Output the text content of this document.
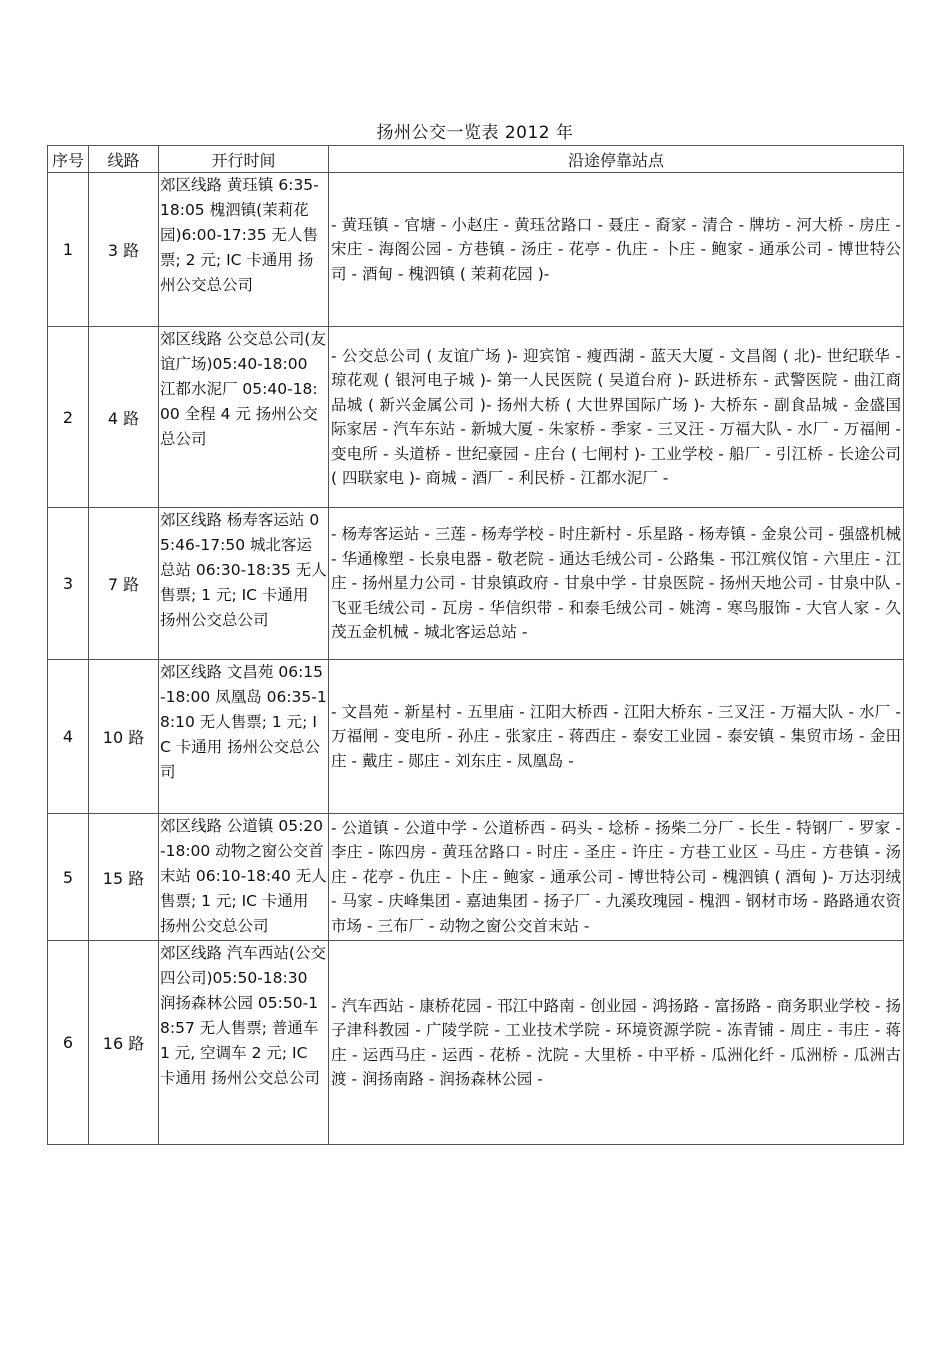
扬州公交一览表 2012 年
序号	线路	开行时间	沿途停靠站点
1	3 路	郊区线路 黄珏镇 6:35-18:05 槐泗镇(茉莉花园)6:00-17:35 无人售票; 2 元; IC 卡通用 扬州公交总公司	- 黄珏镇 - 官塘 - 小赵庄 - 黄珏岔路口 - 聂庄 - 裔家 - 清合 - 牌坊 - 河大桥 - 房庄 - 宋庄 - 海阁公园 - 方巷镇 - 汤庄 - 花亭 - 仇庄 - 卜庄 - 鲍家 - 通承公司 - 博世特公司 - 酒甸 - 槐泗镇 ( 茉莉花园 )-
2	4 路	郊区线路 公交总公司(友谊广场)05:40-18:00 江都水泥厂 05:40-18:00 全程 4 元 扬州公交总公司	- 公交总公司 ( 友谊广场 )- 迎宾馆 - 瘦西湖 - 蓝天大厦 - 文昌阁 ( 北)- 世纪联华 - 琼花观 ( 银河电子城 )- 第一人民医院 ( 吴道台府 )- 跃进桥东 - 武警医院 - 曲江商品城 ( 新兴金属公司 )- 扬州大桥 ( 大世界国际广场 )- 大桥东 - 副食品城 - 金盛国际家居 - 汽车东站 - 新城大厦 - 朱家桥 - 季家 - 三叉汪 - 万福大队 - 水厂 - 万福闸 - 变电所 - 头道桥 - 世纪豪园 - 庄台 ( 七闸村 )- 工业学校 - 船厂 - 引江桥 - 长途公司 ( 四联家电 )- 商城 - 酒厂 - 利民桥 - 江都水泥厂 -
3	7 路	郊区线路 杨寿客运站 05:46-17:50 城北客运总站 06:30-18:35 无人售票; 1 元; IC 卡通用 扬州公交总公司	- 杨寿客运站 - 三莲 - 杨寿学校 - 时庄新村 - 乐星路 - 杨寿镇 - 金泉公司 - 强盛机械 - 华通橡塑 - 长泉电器 - 敬老院 - 通达毛绒公司 - 公路集 - 邗江殡仪馆 - 六里庄 - 江庄 - 扬州星力公司 - 甘泉镇政府 - 甘泉中学 - 甘泉医院 - 扬州天地公司 - 甘泉中队 - 飞亚毛绒公司 - 瓦房 - 华信织带 - 和泰毛绒公司 - 姚湾 - 寒鸟服饰 - 大官人家 - 久茂五金机械 - 城北客运总站 -
4	10 路	郊区线路 文昌苑 06:15-18:00 凤凰岛 06:35-18:10 无人售票; 1 元; IC 卡通用 扬州公交总公司	- 文昌苑 - 新星村 - 五里庙 - 江阳大桥西 - 江阳大桥东 - 三叉汪 - 万福大队 - 水厂 - 万福闸 - 变电所 - 孙庄 - 张家庄 - 蒋西庄 - 泰安工业园 - 泰安镇 - 集贸市场 - 金田庄 - 戴庄 - 郧庄 - 刘东庄 - 凤凰岛 -
5	15 路	郊区线路 公道镇 05:20-18:00 动物之窗公交首末站 06:10-18:40 无人售票; 1 元; IC 卡通用 扬州公交总公司	- 公道镇 - 公道中学 - 公道桥西 - 码头 - 埝桥 - 扬柴二分厂 - 长生 - 特钢厂 - 罗家 - 李庄 - 陈四房 - 黄珏岔路口 - 时庄 - 圣庄 - 许庄 - 方巷工业区 - 马庄 - 方巷镇 - 汤庄 - 花亭 - 仇庄 - 卜庄 - 鲍家 - 通承公司 - 博世特公司 - 槐泗镇 ( 酒甸 )- 万达羽绒 - 马家 - 庆峰集团 - 嘉迪集团 - 扬子厂 - 九溪玫瑰园 - 槐泗 - 钢材市场 - 路路通农资市场 - 三布厂 - 动物之窗公交首末站 -
6	16 路	郊区线路 汽车西站(公交四公司)05:50-18:30 润扬森林公园 05:50-18:57 无人售票; 普通车 1 元, 空调车 2 元; IC 卡通用 扬州公交总公司	- 汽车西站 - 康桥花园 - 邗江中路南 - 创业园 - 鸿扬路 - 富扬路 - 商务职业学校 - 扬子津科教园 - 广陵学院 - 工业技术学院 - 环境资源学院 - 冻青铺 - 周庄 - 韦庄 - 蒋庄 - 运西马庄 - 运西 - 花桥 - 沈院 - 大里桥 - 中平桥 - 瓜洲化纤 - 瓜洲桥 - 瓜洲古渡 - 润扬南路 - 润扬森林公园 -
